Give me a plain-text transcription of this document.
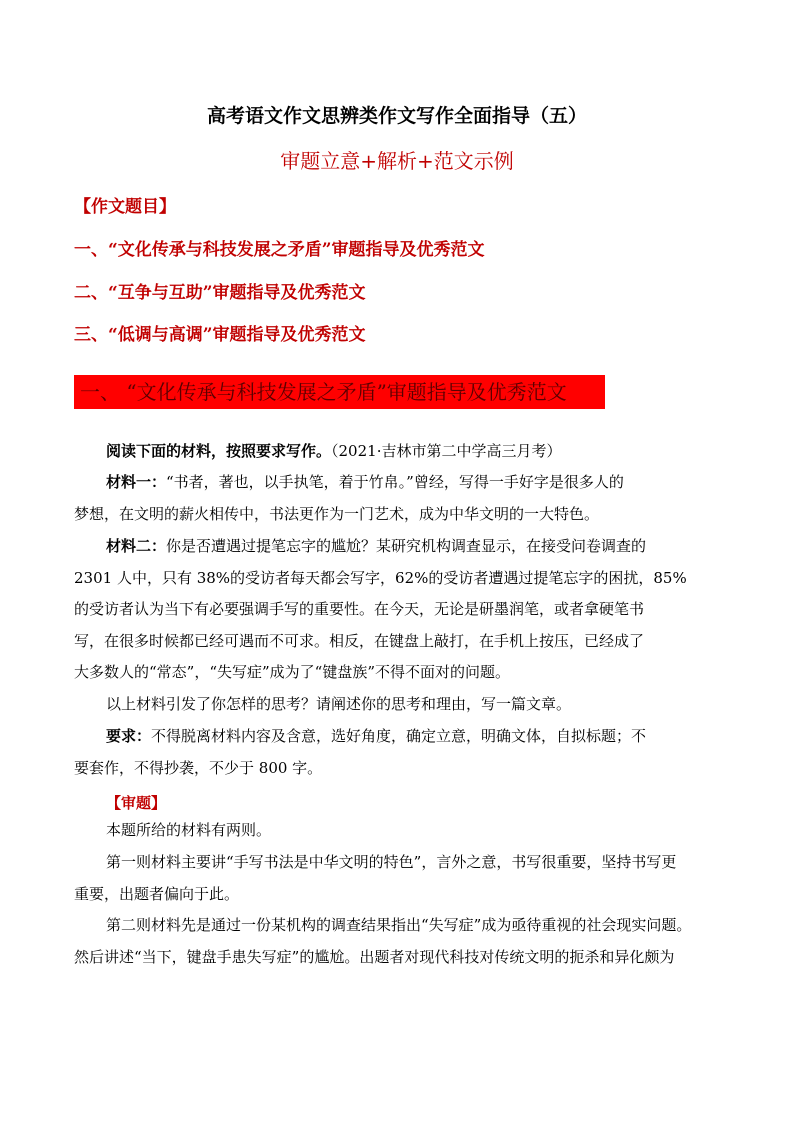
高考语文作文思辨类作文写作全面指导（五）
审题立意+解析+范文示例
【作文题目】
一、“文化传承与科技发展之矛盾”审题指导及优秀范文
二、“互争与互助”审题指导及优秀范文
三、“低调与高调”审题指导及优秀范文
一、 “文化传承与科技发展之矛盾”审题指导及优秀范文
阅读下面的材料，按照要求写作。（2021·吉林市第二中学高三月考）
材料一：“书者，著也，以手执笔，着于竹帛。”曾经，写得一手好字是很多人的
梦想，在文明的薪火相传中，书法更作为一门艺术，成为中华文明的一大特色。
材料二：你是否遭遇过提笔忘字的尴尬？某研究机构调查显示，在接受问卷调查的
2301 人中，只有 38%的受访者每天都会写字，62%的受访者遭遇过提笔忘字的困扰，85%
的受访者认为当下有必要强调手写的重要性。在今天，无论是研墨润笔，或者拿硬笔书
写，在很多时候都已经可遇而不可求。相反，在键盘上敲打，在手机上按压，已经成了
大多数人的“常态”，“失写症”成为了“键盘族”不得不面对的问题。
以上材料引发了你怎样的思考？请阐述你的思考和理由，写一篇文章。
要求：不得脱离材料内容及含意，选好角度，确定立意，明确文体，自拟标题；不
要套作，不得抄袭，不少于 800 字。
【审题】
本题所给的材料有两则。
第一则材料主要讲“手写书法是中华文明的特色”，言外之意，书写很重要，坚持书写更
重要，出题者偏向于此。
第二则材料先是通过一份某机构的调查结果指出“失写症”成为亟待重视的社会现实问题。
然后讲述“当下，键盘手患失写症”的尴尬。出题者对现代科技对传统文明的扼杀和异化颇为
